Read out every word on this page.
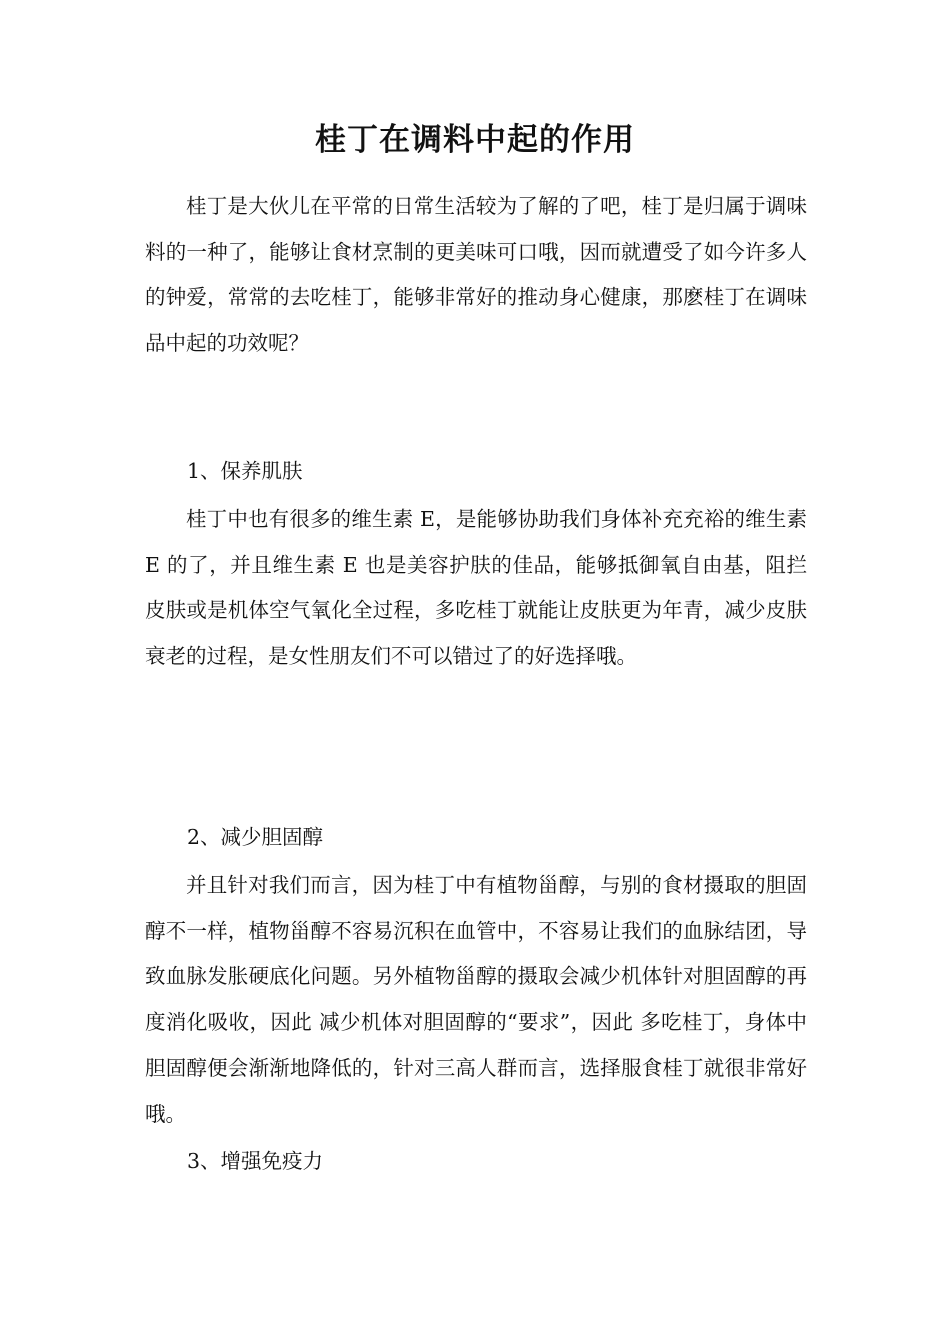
桂丁在调料中起的作用

桂丁是大伙儿在平常的日常生活较为了解的了吧，桂丁是归属于调味料的一种了，能够让食材烹制的更美味可口哦，因而就遭受了如今许多人的钟爱，常常的去吃桂丁，能够非常好的推动身心健康，那麽桂丁在调味品中起的功效呢？

1、保养肌肤

桂丁中也有很多的维生素 E，是能够协助我们身体补充充裕的维生素 E 的了，并且维生素 E 也是美容护肤的佳品，能够抵御氧自由基，阻拦皮肤或是机体空气氧化全过程，多吃桂丁就能让皮肤更为年青，减少皮肤衰老的过程，是女性朋友们不可以错过了的好选择哦。

2、减少胆固醇

并且针对我们而言，因为桂丁中有植物甾醇，与别的食材摄取的胆固醇不一样，植物甾醇不容易沉积在血管中，不容易让我们的血脉结团，导致血脉发胀硬底化问题。另外植物甾醇的摄取会减少机体针对胆固醇的再度消化吸收，因此 减少机体对胆固醇的“要求”，因此 多吃桂丁，身体中胆固醇便会渐渐地降低的，针对三高人群而言，选择服食桂丁就很非常好哦。

3、增强免疫力
